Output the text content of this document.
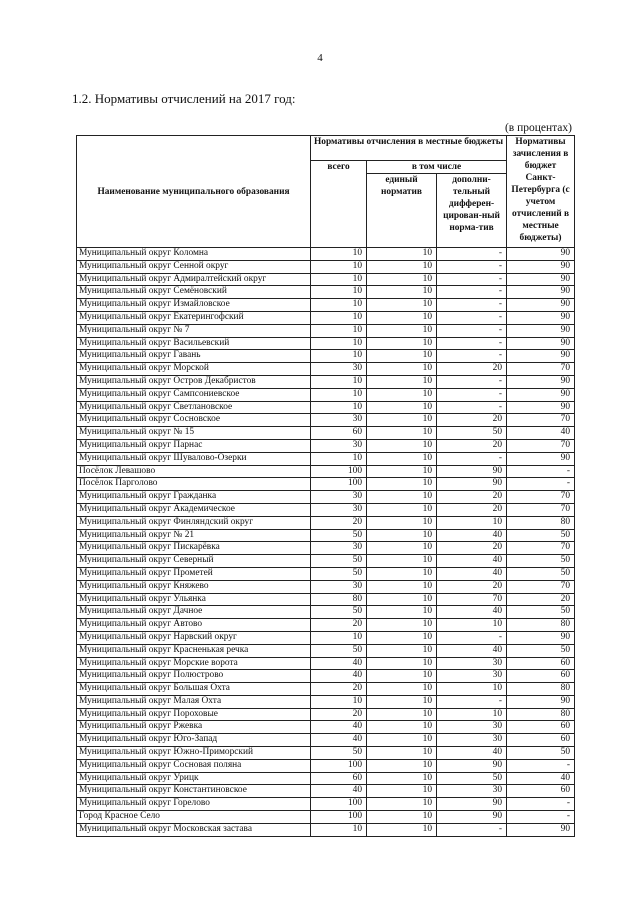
4
1.2. Нормативы отчислений на 2017 год:
(в процентах)
Наименование муниципального образования	Нормативы отчисления в местные бюджеты			Нормативы зачисления в бюджет Санкт-Петербурга (с учетом отчислений в местные бюджеты)
	всего	в том числе		
		единый норматив	дополни-тельный дифферен-цирован-ный норма-тив	
Муниципальный округ Коломна	10	10	-	90
Муниципальный округ Сенной округ	10	10	-	90
Муниципальный округ Адмиралтейский округ	10	10	-	90
Муниципальный округ Семёновский	10	10	-	90
Муниципальный округ Измайловское	10	10	-	90
Муниципальный округ Екатерингофский	10	10	-	90
Муниципальный округ № 7	10	10	-	90
Муниципальный округ Васильевский	10	10	-	90
Муниципальный округ Гавань	10	10	-	90
Муниципальный округ Морской	30	10	20	70
Муниципальный округ Остров Декабристов	10	10	-	90
Муниципальный округ Сампсониевское	10	10	-	90
Муниципальный округ Светлановское	10	10	-	90
Муниципальный округ Сосновское	30	10	20	70
Муниципальный округ № 15	60	10	50	40
Муниципальный округ Парнас	30	10	20	70
Муниципальный округ Шувалово-Озерки	10	10	-	90
Посёлок Левашово	100	10	90	-
Посёлок Парголово	100	10	90	-
Муниципальный округ Гражданка	30	10	20	70
Муниципальный округ Академическое	30	10	20	70
Муниципальный округ Финляндский округ	20	10	10	80
Муниципальный округ № 21	50	10	40	50
Муниципальный округ Пискарёвка	30	10	20	70
Муниципальный округ Северный	50	10	40	50
Муниципальный округ Прометей	50	10	40	50
Муниципальный округ Княжево	30	10	20	70
Муниципальный округ Ульянка	80	10	70	20
Муниципальный округ Дачное	50	10	40	50
Муниципальный округ Автово	20	10	10	80
Муниципальный округ Нарвский округ	10	10	-	90
Муниципальный округ Красненькая речка	50	10	40	50
Муниципальный округ Морские ворота	40	10	30	60
Муниципальный округ Полюстрово	40	10	30	60
Муниципальный округ Большая Охта	20	10	10	80
Муниципальный округ Малая Охта	10	10	-	90
Муниципальный округ Пороховые	20	10	10	80
Муниципальный округ Ржевка	40	10	30	60
Муниципальный округ Юго-Запад	40	10	30	60
Муниципальный округ Южно-Приморский	50	10	40	50
Муниципальный округ Сосновая поляна	100	10	90	-
Муниципальный округ Урицк	60	10	50	40
Муниципальный округ Константиновское	40	10	30	60
Муниципальный округ Горелово	100	10	90	-
Город Красное Село	100	10	90	-
Муниципальный округ Московская застава	10	10	-	90
